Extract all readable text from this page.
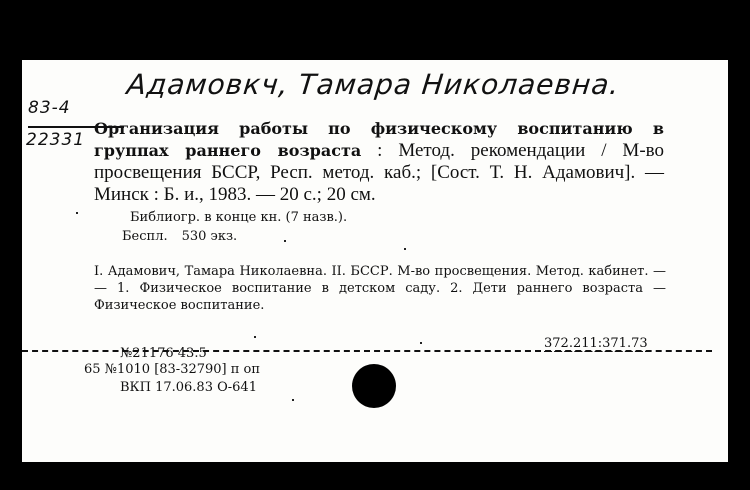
Адамовкч, Тамара Николаевна.
83-4
22331
Организация работы по физическому воспитанию в группах раннего возраста : Метод. рекомендации / М-во просвещения БССР, Респ. метод. каб.; [Сост. Т. Н. Адамович]. — Минск : Б. и., 1983. — 20 с.; 20 см.
Библиогр. в конце кн. (7 назв.).
Беспл. 530 экз.
I. Адамович, Тамара Николаевна. II. БССР. М-во просвещения. Метод. кабинет. — — 1. Физическое воспитание в детском саду. 2. Дети раннего возраста — Физическое воспитание.
372.211:371.73
№21176 43.5
65 №1010 [83-32790] п оп
ВКП 17.06.83 О-641
